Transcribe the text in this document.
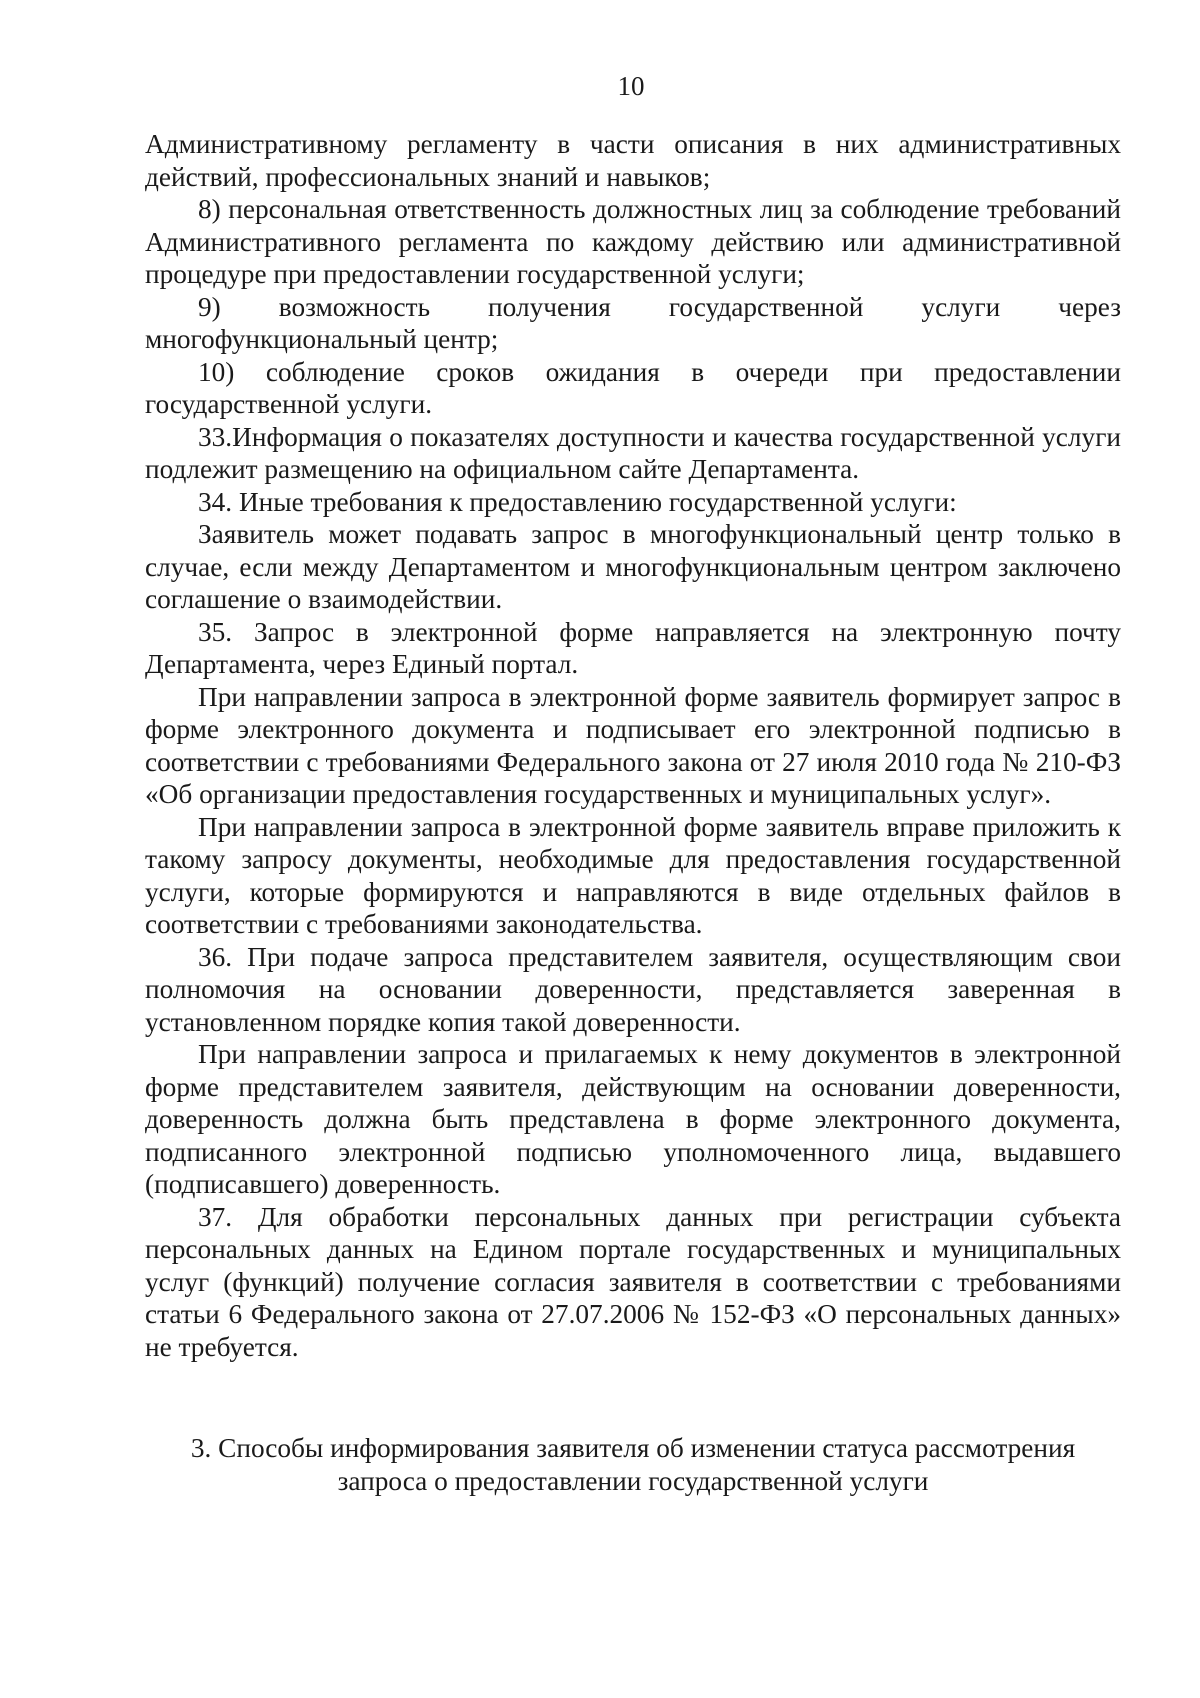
10

Административному регламенту в части описания в них административных действий, профессиональных знаний и навыков;

8) персональная ответственность должностных лиц за соблюдение требований Административного регламента по каждому действию или административной процедуре при предоставлении государственной услуги;

9) возможность получения государственной услуги через многофункциональный центр;

10) соблюдение сроков ожидания в очереди при предоставлении государственной услуги.

33.Информация о показателях доступности и качества государственной услуги подлежит размещению на официальном сайте Департамента.

34. Иные требования к предоставлению государственной услуги:

Заявитель может подавать запрос в многофункциональный центр только в случае, если между Департаментом и многофункциональным центром заключено соглашение о взаимодействии.

35. Запрос в электронной форме направляется на электронную почту Департамента, через Единый портал.

При направлении запроса в электронной форме заявитель формирует запрос в форме электронного документа и подписывает его электронной подписью в соответствии с требованиями Федерального закона от 27 июля 2010 года № 210-ФЗ «Об организации предоставления государственных и муниципальных услуг».

При направлении запроса в электронной форме заявитель вправе приложить к такому запросу документы, необходимые для предоставления государственной услуги, которые формируются и направляются в виде отдельных файлов в соответствии с требованиями законодательства.

36. При подаче запроса представителем заявителя, осуществляющим свои полномочия на основании доверенности, представляется заверенная в установленном порядке копия такой доверенности.

При направлении запроса и прилагаемых к нему документов в электронной форме представителем заявителя, действующим на основании доверенности, доверенность должна быть представлена в форме электронного документа, подписанного электронной подписью уполномоченного лица, выдавшего (подписавшего) доверенность.

37. Для обработки персональных данных при регистрации субъекта персональных данных на Едином портале государственных и муниципальных услуг (функций) получение согласия заявителя в соответствии с требованиями статьи 6 Федерального закона от 27.07.2006 № 152-ФЗ «О персональных данных» не требуется.

3. Способы информирования заявителя об изменении статуса рассмотрения
запроса о предоставлении государственной услуги
